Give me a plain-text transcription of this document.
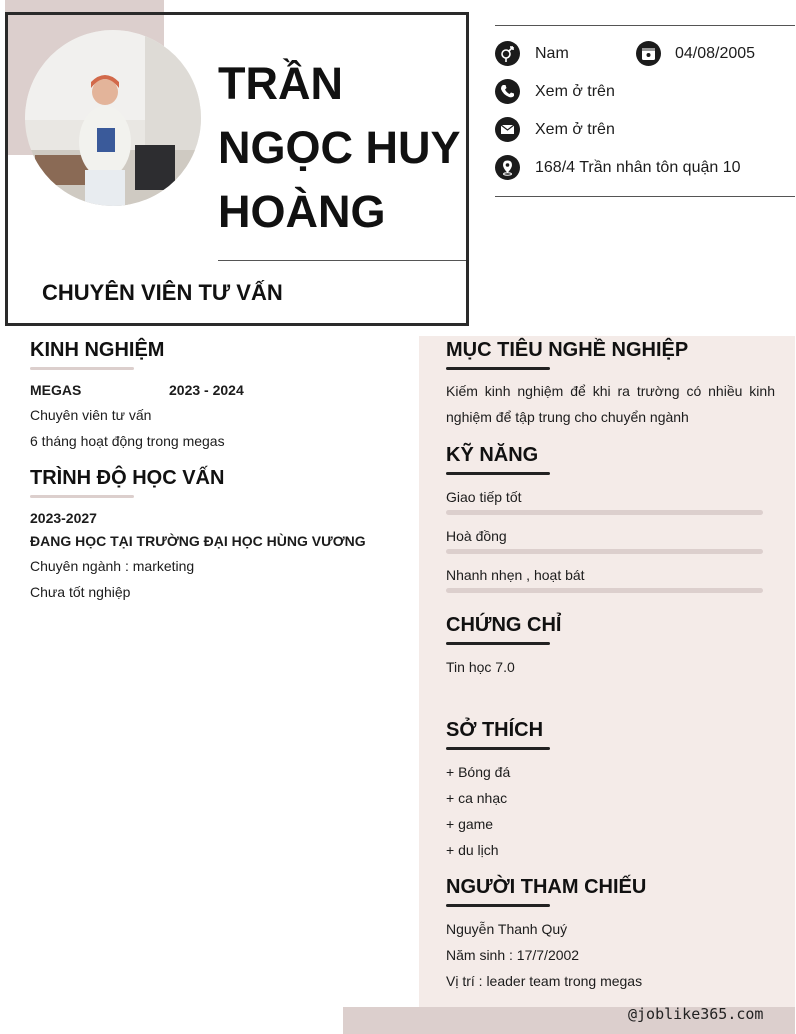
TRẦN NGỌC HUY HOÀNG
CHUYÊN VIÊN TƯ VẤN
Nam	04/08/2005
Xem ở trên
Xem ở trên
168/4 Trần nhân tôn quận 10
KINH NGHIỆM
MEGAS	2023 - 2024
Chuyên viên tư vấn
6 tháng hoạt động trong megas
TRÌNH ĐỘ HỌC VẤN
2023-2027
ĐANG HỌC TẠI TRƯỜNG ĐẠI HỌC HÙNG VƯƠNG
Chuyên ngành : marketing
Chưa tốt nghiệp
MỤC TIÊU NGHỀ NGHIỆP
Kiếm kinh nghiệm để khi ra trường có nhiều kinh nghiệm để tập trung cho chuyển ngành
KỸ NĂNG
Giao tiếp tốt
Hoà đồng
Nhanh nhẹn , hoạt bát
CHỨNG CHỈ
Tin học 7.0
SỞ THÍCH
+ Bóng đá
+ ca nhạc
+ game
+ du lịch
NGƯỜI THAM CHIẾU
Nguyễn Thanh Quý
Năm sinh : 17/7/2002
Vị trí : leader team trong megas
@joblike365.com
